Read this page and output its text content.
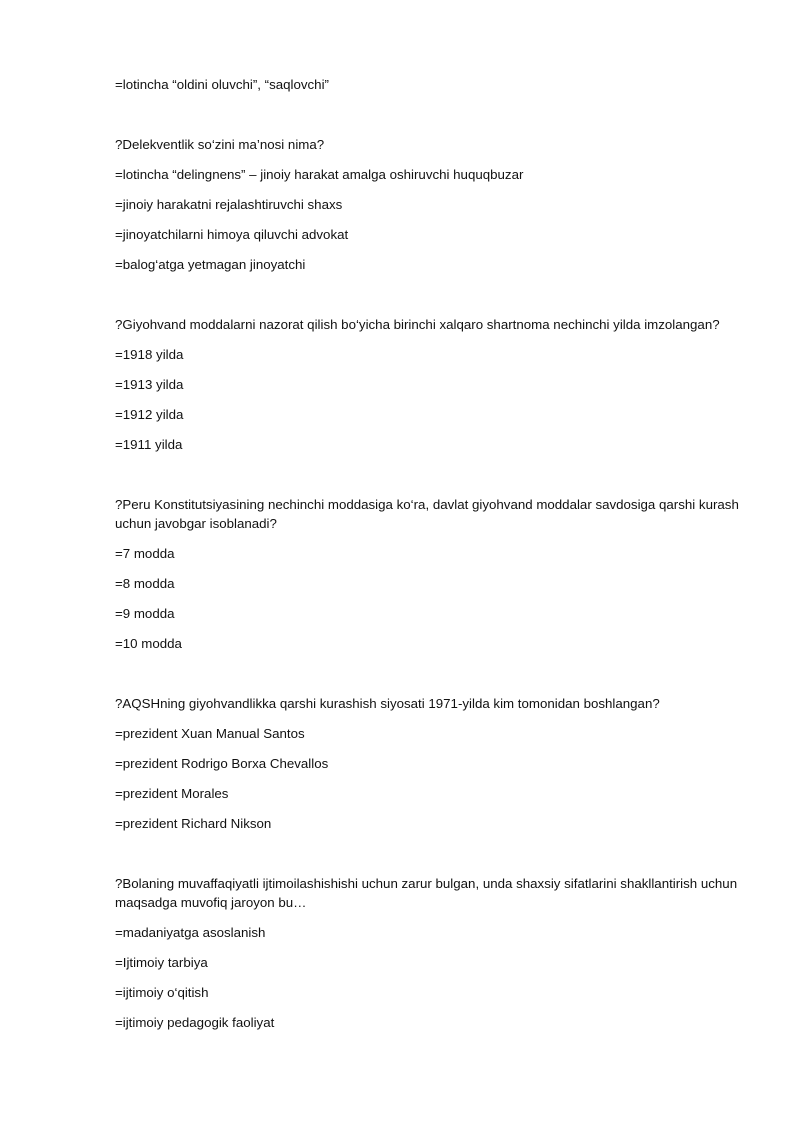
=lotincha “oldini oluvchi”, “saqlovchi”
?Delekventlik so‘zini ma’nosi nima?
=lotincha “delingnens” – jinoiy harakat amalga oshiruvchi huquqbuzar
=jinoiy harakatni rejalashtiruvchi shaxs
=jinoyatchilarni himoya qiluvchi advokat
=balog‘atga yetmagan jinoyatchi
?Giyohvand moddalarni nazorat qilish bo‘yicha birinchi xalqaro shartnoma nechinchi yilda imzolangan?
=1918 yilda
=1913 yilda
=1912 yilda
=1911 yilda
?Peru Konstitutsiyasining nechinchi moddasiga ko‘ra, davlat giyohvand moddalar savdosiga qarshi kurash uchun javobgar isoblanadi?
=7 modda
=8 modda
=9 modda
=10 modda
?AQSHning giyohvandlikka qarshi kurashish siyosati 1971-yilda kim tomonidan boshlangan?
=prezident Xuan Manual Santos
=prezident Rodrigo Borxa Chevallos
=prezident Morales
=prezident Richard Nikson
?Bolaning muvaffaqiyatli ijtimoilashishishi uchun zarur bulgan, unda shaxsiy sifatlarini shakllantirish uchun maqsadga muvofiq jaroyon bu…
=madaniyatga asoslanish
=Ijtimoiy tarbiya
=ijtimoiy o‘qitish
=ijtimoiy pedagogik faoliyat
